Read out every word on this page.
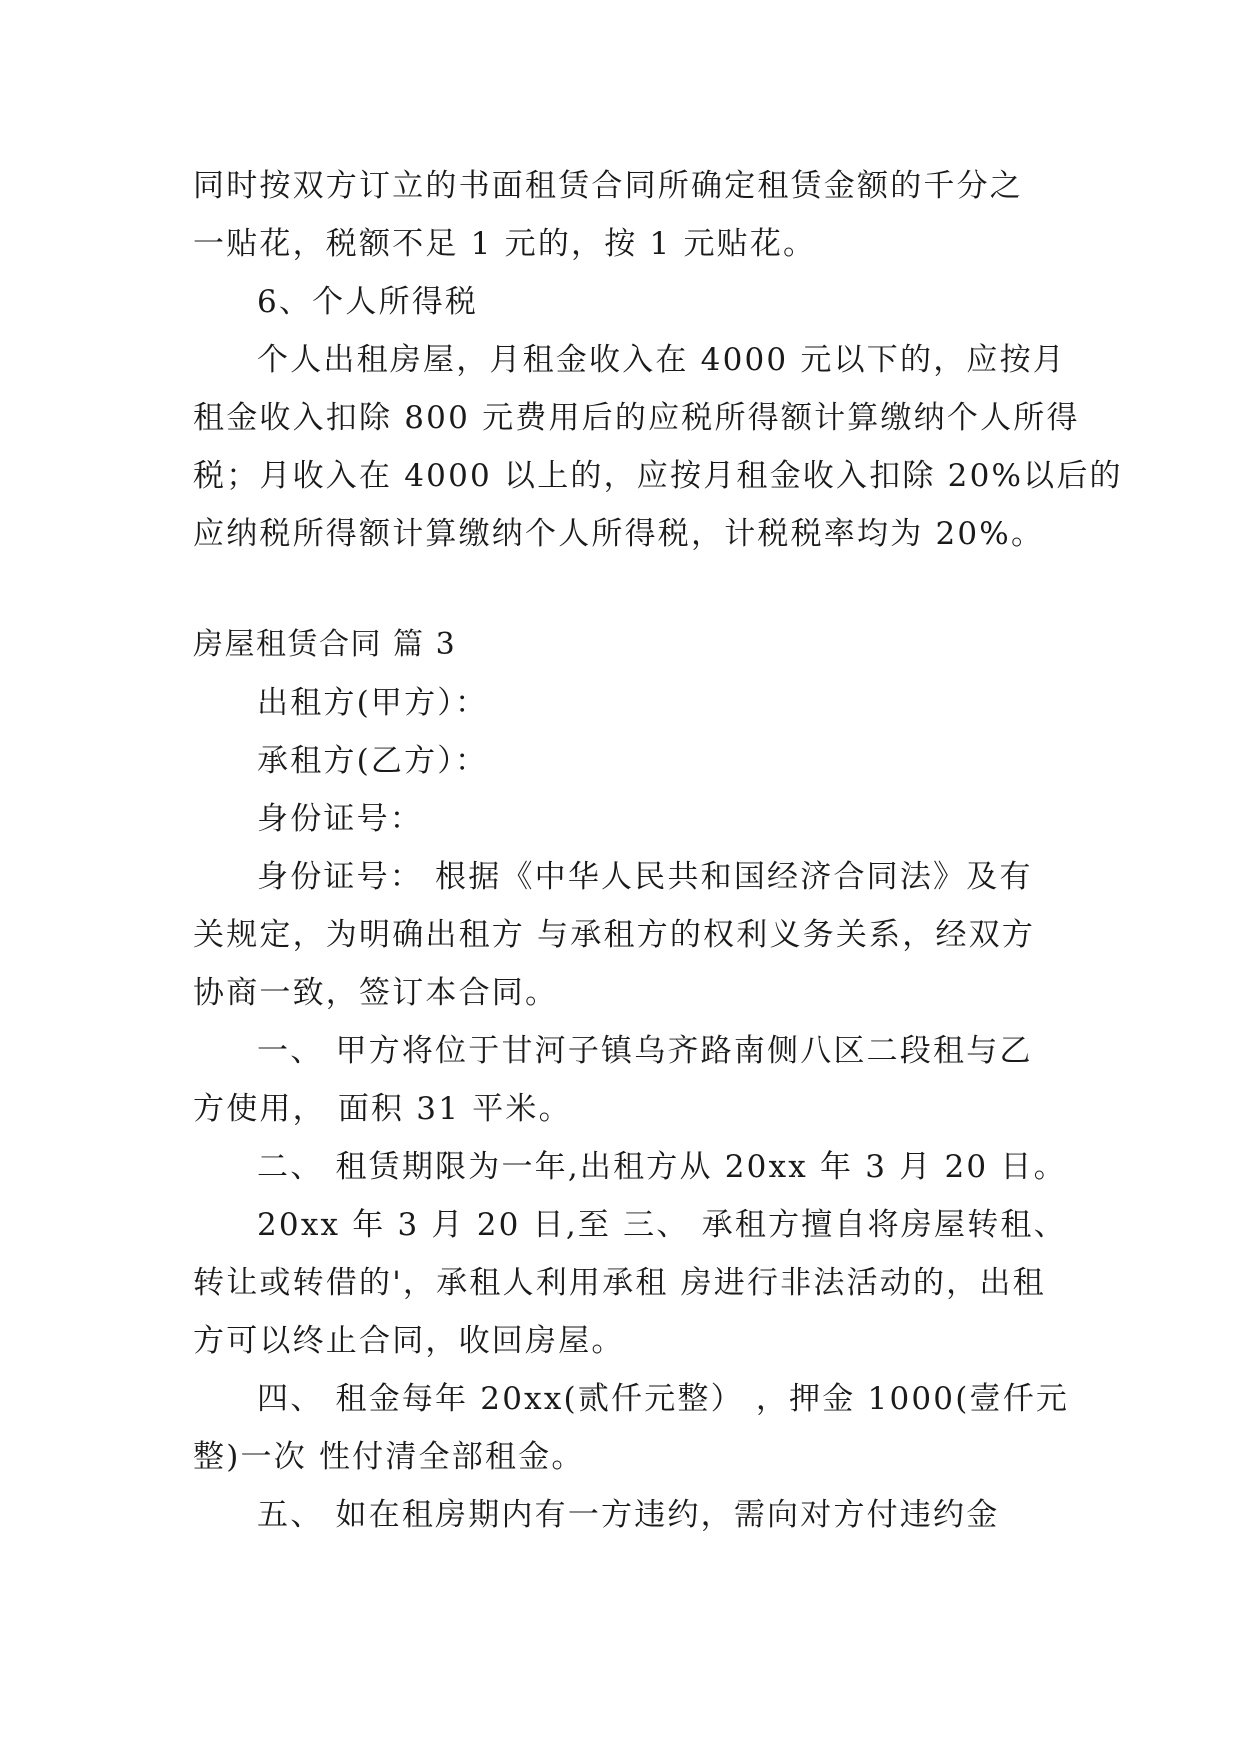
同时按双方订立的书面租赁合同所确定租赁金额的千分之
一贴花，税额不足 1 元的，按 1 元贴花。
6、个人所得税
个人出租房屋，月租金收入在 4000 元以下的，应按月
租金收入扣除 800 元费用后的应税所得额计算缴纳个人所得
税；月收入在 4000 以上的，应按月租金收入扣除 20%以后的
应纳税所得额计算缴纳个人所得税，计税税率均为 20%。
房屋租赁合同 篇 3
出租方(甲方）：
承租方(乙方）：
身份证号：
身份证号： 根据《中华人民共和国经济合同法》及有
关规定，为明确出租方 与承租方的权利义务关系，经双方
协商一致，签订本合同。
一、 甲方将位于甘河子镇乌齐路南侧八区二段租与乙
方使用， 面积 31 平米。
二、 租赁期限为一年,出租方从 20xx 年 3 月 20 日。
20xx 年 3 月 20 日,至 三、 承租方擅自将房屋转租、
转让或转借的'，承租人利用承租 房进行非法活动的，出租
方可以终止合同，收回房屋。
四、 租金每年 20xx(贰仟元整） ，押金 1000(壹仟元
整)一次 性付清全部租金。
五、 如在租房期内有一方违约，需向对方付违约金
